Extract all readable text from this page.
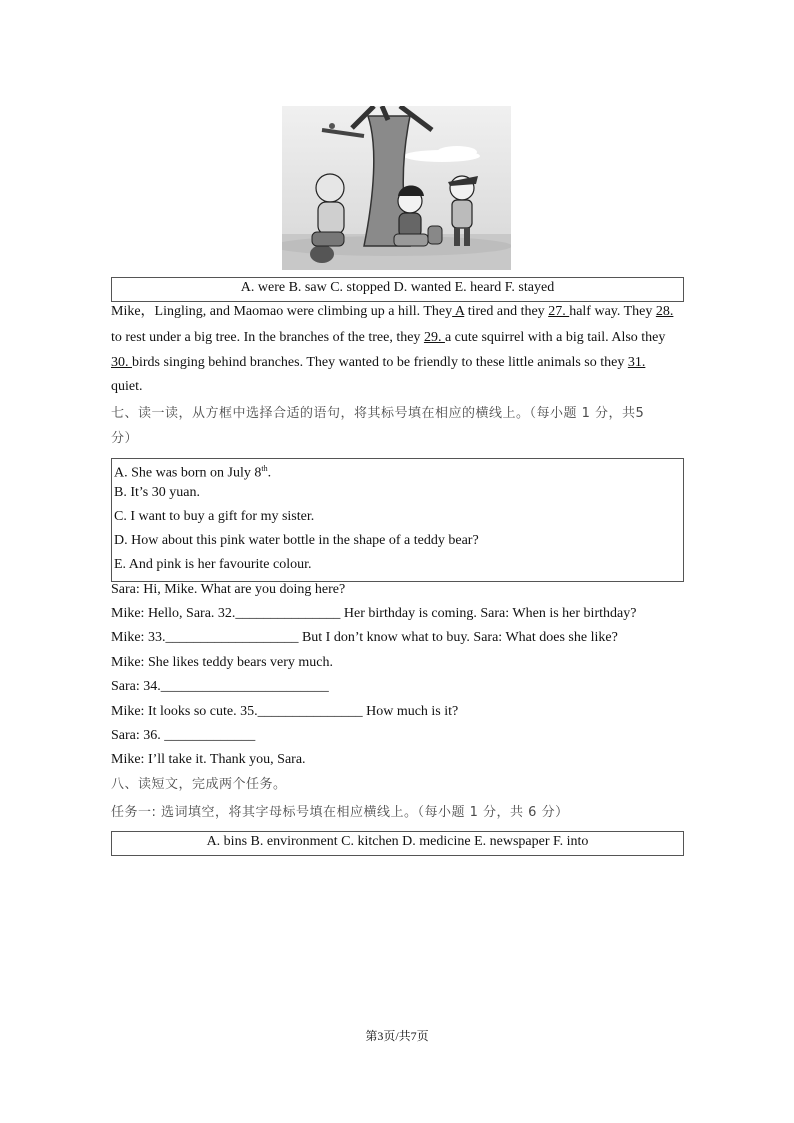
A. were B. saw C. stopped D. wanted E. heard F. stayed
Mike，Lingling, and Maomao were climbing up a hill. They A tired and they 27. half way. They 28.
to rest under a big tree. In the branches of the tree, they 29. a cute squirrel with a big tail. Also they
30. birds singing behind branches. They wanted to be friendly to these little animals so they 31.
quiet.
七、读一读，从方框中选择合适的语句，将其标号填在相应的横线上。（每小题 1 分，共5
分）
A. She was born on July 8th.
B. It’s 30 yuan.
C. I want to buy a gift for my sister.
D. How about this pink water bottle in the shape of a teddy bear?
E. And pink is her favourite colour.
Sara: Hi, Mike. What are you doing here?
Mike: Hello, Sara. 32._______________ Her birthday is coming. Sara: When is her birthday?
Mike: 33.___________________ But I don’t know what to buy. Sara: What does she like?
Mike: She likes teddy bears very much.
Sara: 34.________________________
Mike: It looks so cute. 35._______________ How much is it?
Sara: 36. _____________
Mike: I’ll take it. Thank you, Sara.
八、读短文，完成两个任务。
任务一: 选词填空，将其字母标号填在相应横线上。（每小题 1 分，共 6 分）
A. bins B. environment C. kitchen D. medicine E. newspaper F. into
第3页/共7页
